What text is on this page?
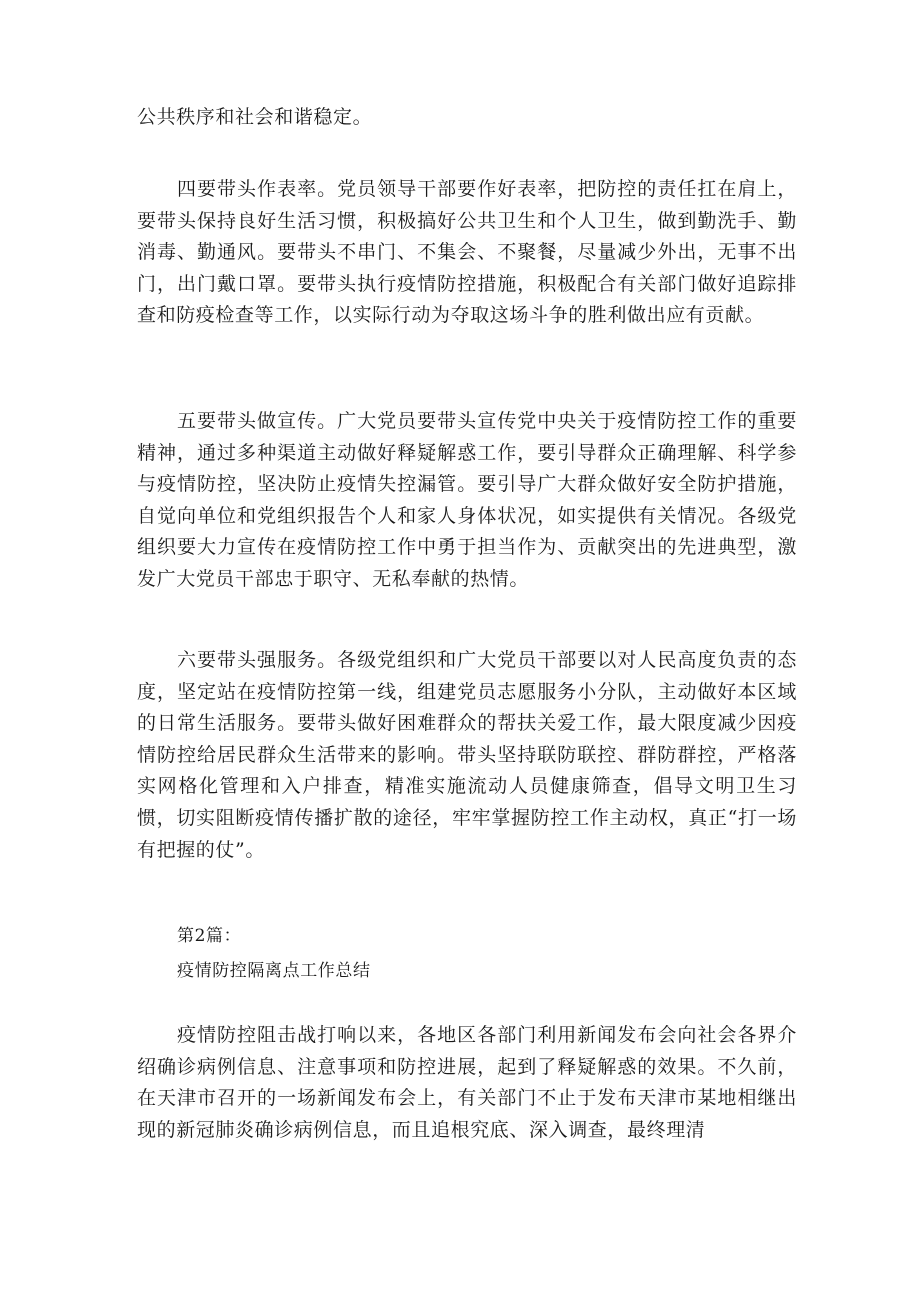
公共秩序和社会和谐稳定。

四要带头作表率。党员领导干部要作好表率，把防控的责任扛在肩上，要带头保持良好生活习惯，积极搞好公共卫生和个人卫生，做到勤洗手、勤消毒、勤通风。要带头不串门、不集会、不聚餐，尽量减少外出，无事不出门，出门戴口罩。要带头执行疫情防控措施，积极配合有关部门做好追踪排查和防疫检查等工作，以实际行动为夺取这场斗争的胜利做出应有贡献。

五要带头做宣传。广大党员要带头宣传党中央关于疫情防控工作的重要精神，通过多种渠道主动做好释疑解惑工作，要引导群众正确理解、科学参与疫情防控，坚决防止疫情失控漏管。要引导广大群众做好安全防护措施，自觉向单位和党组织报告个人和家人身体状况，如实提供有关情况。各级党组织要大力宣传在疫情防控工作中勇于担当作为、贡献突出的先进典型，激发广大党员干部忠于职守、无私奉献的热情。

六要带头强服务。各级党组织和广大党员干部要以对人民高度负责的态度，坚定站在疫情防控第一线，组建党员志愿服务小分队，主动做好本区域的日常生活服务。要带头做好困难群众的帮扶关爱工作，最大限度减少因疫情防控给居民群众生活带来的影响。带头坚持联防联控、群防群控，严格落实网格化管理和入户排查，精准实施流动人员健康筛查，倡导文明卫生习惯，切实阻断疫情传播扩散的途径，牢牢掌握防控工作主动权，真正“打一场有把握的仗”。

第2篇：
疫情防控隔离点工作总结

疫情防控阻击战打响以来，各地区各部门利用新闻发布会向社会各界介绍确诊病例信息、注意事项和防控进展，起到了释疑解惑的效果。不久前，在天津市召开的一场新闻发布会上，有关部门不止于发布天津市某地相继出现的新冠肺炎确诊病例信息，而且追根究底、深入调查，最终理清
